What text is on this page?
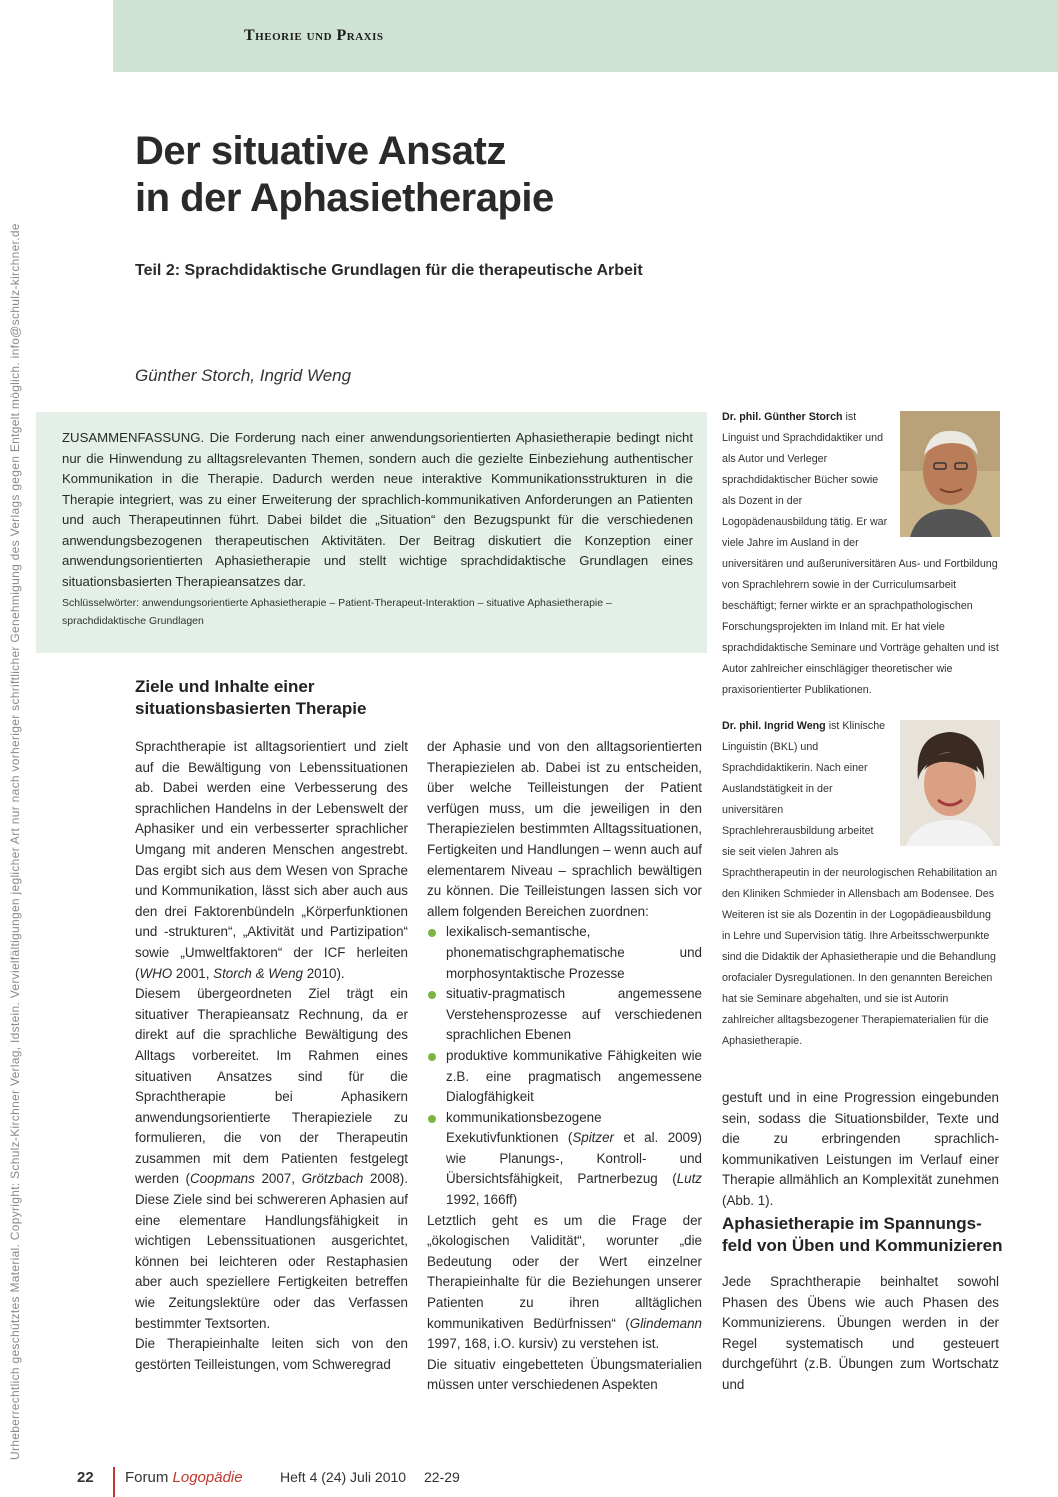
Theorie und Praxis
Urheberrechtlich geschütztes Material. Copyright: Schulz-Kirchner Verlag, Idstein. Vervielfältigungen jeglicher Art nur nach vorheriger schriftlicher Genehmigung des Verlags gegen Entgelt möglich. info@schulz-kirchner.de
Der situative Ansatz
in der Aphasietherapie
Teil 2: Sprachdidaktische Grundlagen für die therapeutische Arbeit
Günther Storch, Ingrid Weng

ZUSAMMENFASSUNG. Die Forderung nach einer anwendungsorientierten Aphasietherapie bedingt nicht nur die Hinwendung zu alltagsrelevanten Themen, sondern auch die gezielte Einbeziehung authentischer Kommunikation in die Therapie. Dadurch werden neue interaktive Kommunikationsstrukturen in die Therapie integriert, was zu einer Erweiterung der sprachlich-kommunikativen Anforderungen an Patienten und auch Therapeutinnen führt. Dabei bildet die „Situation“ den Bezugspunkt für die verschiedenen anwendungsbezogenen therapeutischen Aktivitäten. Der Beitrag diskutiert die Konzeption einer anwendungsorientierten Aphasietherapie und stellt wichtige sprachdidaktische Grundlagen eines situationsbasierten Therapieansatzes dar.

Schlüsselwörter: anwendungsorientierte Aphasietherapie – Patient-Therapeut-Interaktion – situative Aphasietherapie – sprachdidaktische Grundlagen

Ziele und Inhalte einer
situationsbasierten Therapie

Sprachtherapie ist alltagsorientiert und zielt auf die Bewältigung von Lebenssituationen ab. Dabei werden eine Verbesserung des sprachlichen Handelns in der Lebenswelt der Aphasiker und ein verbesserter sprachlicher Umgang mit anderen Menschen angestrebt. Das ergibt sich aus dem Wesen von Sprache und Kommunikation, lässt sich aber auch aus den drei Faktorenbündeln „Körperfunktionen und -strukturen“, „Aktivität und Partizipation“ sowie „Umweltfaktoren“ der ICF herleiten (WHO 2001, Storch & Weng 2010).

Diesem übergeordneten Ziel trägt ein situativer Therapieansatz Rechnung, da er direkt auf die sprachliche Bewältigung des Alltags vorbereitet. Im Rahmen eines situativen Ansatzes sind für die Sprachtherapie bei Aphasikern anwendungsorientierte Therapieziele zu formulieren, die von der Therapeutin zusammen mit dem Patienten festgelegt werden (Coopmans 2007, Grötzbach 2008). Diese Ziele sind bei schwereren Aphasien auf eine elementare Handlungsfähigkeit in wichtigen Lebenssituationen ausgerichtet, können bei leichteren oder Restaphasien aber auch speziellere Fertigkeiten betreffen wie Zeitungslektüre oder das Verfassen bestimmter Textsorten.

Die Therapieinhalte leiten sich von den gestörten Teilleistungen, vom Schweregrad

der Aphasie und von den alltagsorientierten Therapiezielen ab. Dabei ist zu entscheiden, über welche Teilleistungen der Patient verfügen muss, um die jeweiligen in den Therapiezielen bestimmten Alltagssituationen, Fertigkeiten und Handlungen – wenn auch auf elementarem Niveau – sprachlich bewältigen zu können. Die Teilleistungen lassen sich vor allem folgenden Bereichen zuordnen:

lexikalisch-semantische, phonematischgraphematische und morphosyntaktische Prozesse
situativ-pragmatisch angemessene Verstehensprozesse auf verschiedenen sprachlichen Ebenen
produktive kommunikative Fähigkeiten wie z.B. eine pragmatisch angemessene Dialogfähigkeit
kommunikationsbezogene Exekutivfunktionen (Spitzer et al. 2009) wie Planungs-, Kontroll- und Übersichtsfähigkeit, Partnerbezug (Lutz 1992, 166ff)

Letztlich geht es um die Frage der „ökologischen Validität“, worunter „die Bedeutung oder der Wert einzelner Therapieinhalte für die Beziehungen unserer Patienten zu ihren alltäglichen kommunikativen Bedürfnissen“ (Glindemann 1997, 168, i.O. kursiv) zu verstehen ist.

Die situativ eingebetteten Übungsmaterialien müssen unter verschiedenen Aspekten

gestuft und in eine Progression eingebunden sein, sodass die Situationsbilder, Texte und die zu erbringenden sprachlich-kommunikativen Leistungen im Verlauf einer Therapie allmählich an Komplexität zunehmen (Abb. 1).

Aphasietherapie im Spannungs-
feld von Üben und Kommunizieren

Jede Sprachtherapie beinhaltet sowohl Phasen des Übens wie auch Phasen des Kommunizierens. Übungen werden in der Regel systematisch und gesteuert durchgeführt (z.B. Übungen zum Wortschatz und

Dr. phil. Günther Storch ist Linguist und Sprachdidaktiker und als Autor und Verleger sprachdidaktischer Bücher sowie als Dozent in der Logopädenausbildung tätig. Er war viele Jahre im Ausland in der universitären und außeruniversitären Aus- und Fortbildung von Sprachlehrern sowie in der Curriculumsarbeit beschäftigt; ferner wirkte er an sprachpathologischen Forschungsprojekten im Inland mit. Er hat viele sprachdidaktische Seminare und Vorträge gehalten und ist Autor zahlreicher einschlägiger theoretischer wie praxisorientierter Publikationen.
Dr. phil. Ingrid Weng ist Klinische Linguistin (BKL) und Sprachdidaktikerin. Nach einer Auslandstätigkeit in der universitären Sprachlehrerausbildung arbeitet sie seit vielen Jahren als Sprachtherapeutin in der neurologischen Rehabilitation an den Kliniken Schmieder in Allensbach am Bodensee. Des Weiteren ist sie als Dozentin in der Logopädieausbildung in Lehre und Supervision tätig. Ihre Arbeitsschwerpunkte sind die Didaktik der Aphasietherapie und die Behandlung orofacialer Dysregulationen. In den genannten Bereichen hat sie Seminare abgehalten, und sie ist Autorin zahlreicher alltagsbezogener Therapiematerialien für die Aphasietherapie.
22 Forum Logopädie	Heft 4 (24) Juli 2010 22-29
